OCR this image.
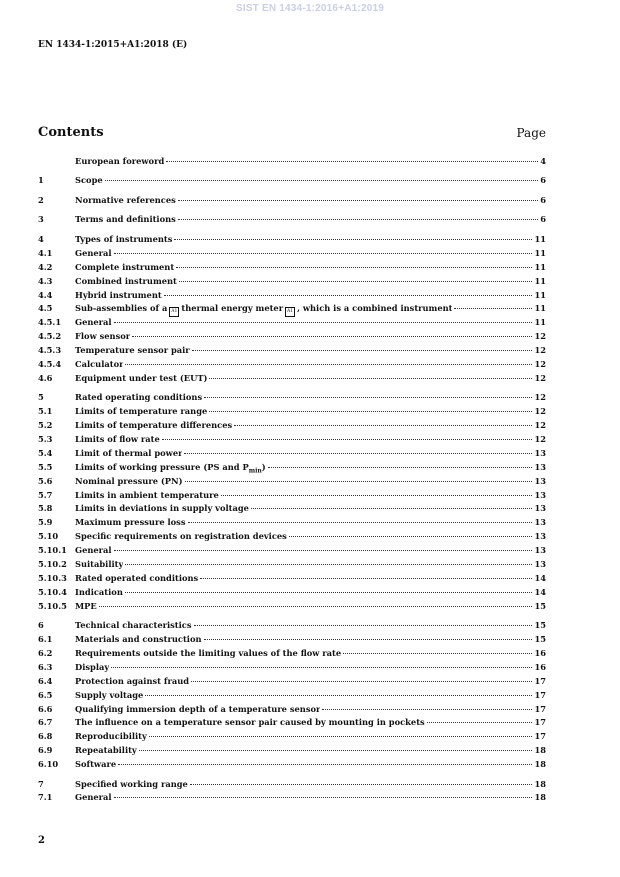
SIST EN 1434-1:2016+A1:2019
EN 1434-1:2015+A1:2018 (E)
Contents	Page
European foreword	4
1	Scope	6
2	Normative references	6
3	Terms and definitions	6
4	Types of instruments	11
4.1	General	11
4.2	Complete instrument	11
4.3	Combined instrument	11
4.4	Hybrid instrument	11
4.5	Sub-assemblies of a A1 thermal energy meter A1 , which is a combined instrument	11
4.5.1	General	11
4.5.2	Flow sensor	12
4.5.3	Temperature sensor pair	12
4.5.4	Calculator	12
4.6	Equipment under test (EUT)	12
5	Rated operating conditions	12
5.1	Limits of temperature range	12
5.2	Limits of temperature differences	12
5.3	Limits of flow rate	12
5.4	Limit of thermal power	13
5.5	Limits of working pressure (PS and $P_{min}$)	13
5.6	Nominal pressure (PN)	13
5.7	Limits in ambient temperature	13
5.8	Limits in deviations in supply voltage	13
5.9	Maximum pressure loss	13
5.10	Specific requirements on registration devices	13
5.10.1 General	13
5.10.2 Suitability	13
5.10.3 Rated operated conditions	14
5.10.4 Indication	14
5.10.5 MPE	15
6	Technical characteristics	15
6.1	Materials and construction	15
6.2	Requirements outside the limiting values of the flow rate	16
6.3	Display	16
6.4	Protection against fraud	17
6.5	Supply voltage	17
6.6	Qualifying immersion depth of a temperature sensor	17
6.7	The influence on a temperature sensor pair caused by mounting in pockets	17
6.8	Reproducibility	17
6.9	Repeatability	18
6.10	Software	18
7	Specified working range	18
7.1	General	18
2
